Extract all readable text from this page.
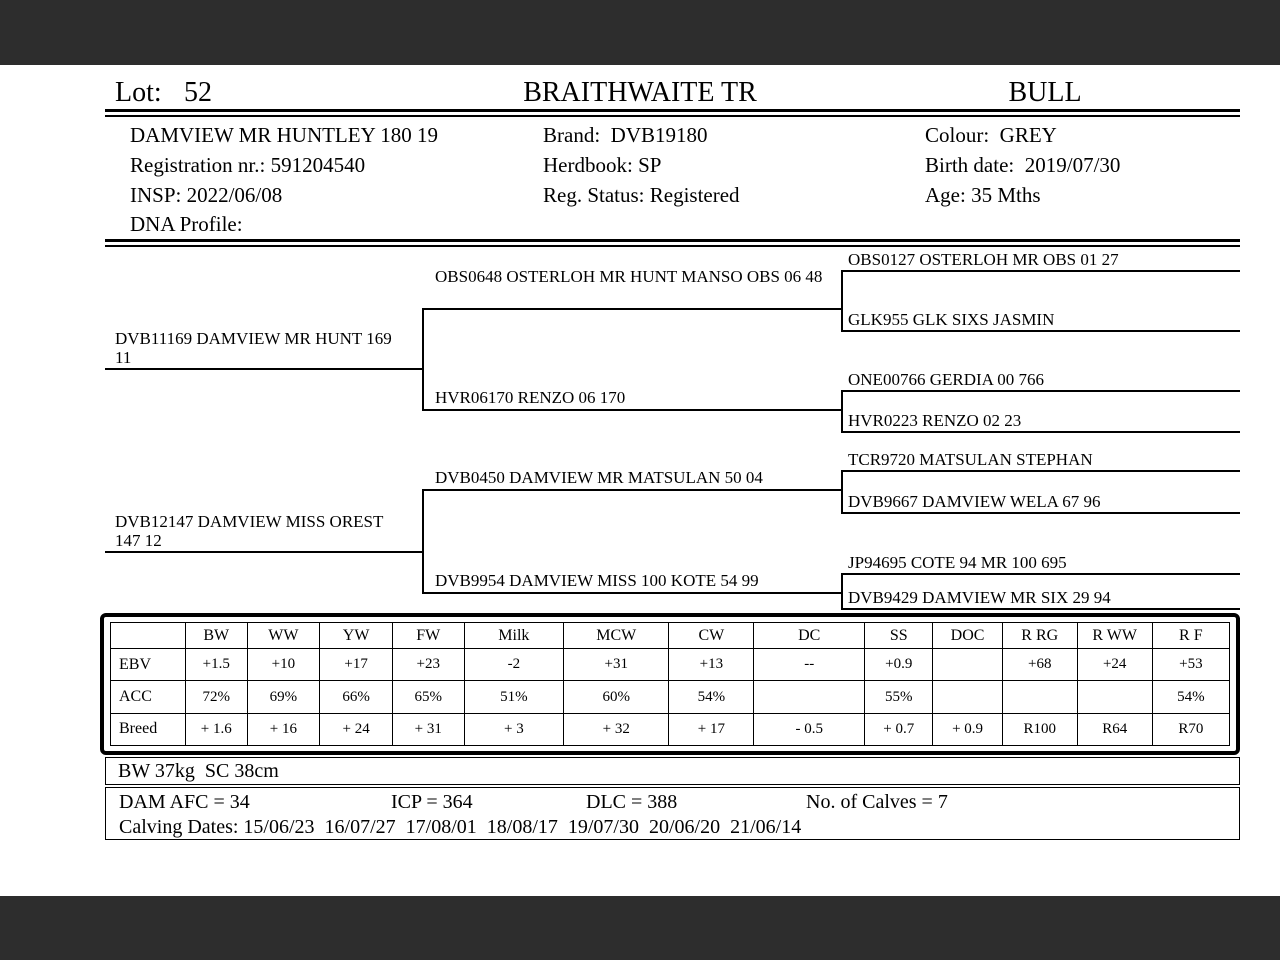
Lot: 52	BRAITHWAITE TR	BULL
DAMVIEW MR HUNTLEY 180 19
Registration nr.: 591204540
INSP: 2022/06/08
DNA Profile:
Brand:  DVB19180
Herdbook: SP
Reg. Status: Registered
Colour:  GREY
Birth date:  2019/07/30
Age: 35 Mths
DVB11169 DAMVIEW MR HUNT 169 11
DVB12147 DAMVIEW MISS OREST 147 12
OBS0648 OSTERLOH MR HUNT MANSO OBS 06 48
HVR06170 RENZO 06 170
DVB0450 DAMVIEW MR MATSULAN 50 04
DVB9954 DAMVIEW MISS 100 KOTE 54 99
OBS0127 OSTERLOH MR OBS 01 27
GLK955 GLK SIXS JASMIN
ONE00766 GERDIA 00 766
HVR0223 RENZO 02 23
TCR9720 MATSULAN STEPHAN
DVB9667 DAMVIEW WELA 67 96
JP94695 COTE 94 MR 100 695
DVB9429 DAMVIEW MR SIX 29 94
	BW	WW	YW	FW	Milk	MCW	CW	DC	SS	DOC	R RG	R WW	R F
EBV	+1.5	+10	+17	+23	-2	+31	+13	--	+0.9		+68	+24	+53
ACC	72%	69%	66%	65%	51%	60%	54%		55%				54%
Breed	+ 1.6	+ 16	+ 24	+ 31	+ 3	+ 32	+ 17	- 0.5	+ 0.7	+ 0.9	R100	R64	R70
BW 37kg  SC 38cm
DAM AFC = 34	ICP = 364	DLC = 388	No. of Calves = 7
Calving Dates: 15/06/23  16/07/27  17/08/01  18/08/17  19/07/30  20/06/20  21/06/14
